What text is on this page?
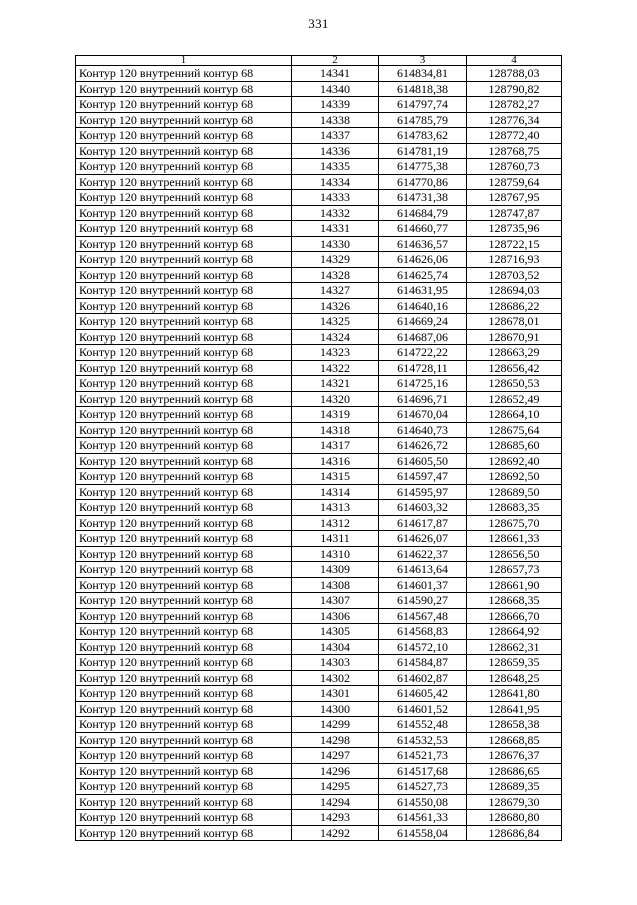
331
1	2	3	4
Контур 120 внутренний контур 68	14341	614834,81	128788,03
Контур 120 внутренний контур 68	14340	614818,38	128790,82
Контур 120 внутренний контур 68	14339	614797,74	128782,27
Контур 120 внутренний контур 68	14338	614785,79	128776,34
Контур 120 внутренний контур 68	14337	614783,62	128772,40
Контур 120 внутренний контур 68	14336	614781,19	128768,75
Контур 120 внутренний контур 68	14335	614775,38	128760,73
Контур 120 внутренний контур 68	14334	614770,86	128759,64
Контур 120 внутренний контур 68	14333	614731,38	128767,95
Контур 120 внутренний контур 68	14332	614684,79	128747,87
Контур 120 внутренний контур 68	14331	614660,77	128735,96
Контур 120 внутренний контур 68	14330	614636,57	128722,15
Контур 120 внутренний контур 68	14329	614626,06	128716,93
Контур 120 внутренний контур 68	14328	614625,74	128703,52
Контур 120 внутренний контур 68	14327	614631,95	128694,03
Контур 120 внутренний контур 68	14326	614640,16	128686,22
Контур 120 внутренний контур 68	14325	614669,24	128678,01
Контур 120 внутренний контур 68	14324	614687,06	128670,91
Контур 120 внутренний контур 68	14323	614722,22	128663,29
Контур 120 внутренний контур 68	14322	614728,11	128656,42
Контур 120 внутренний контур 68	14321	614725,16	128650,53
Контур 120 внутренний контур 68	14320	614696,71	128652,49
Контур 120 внутренний контур 68	14319	614670,04	128664,10
Контур 120 внутренний контур 68	14318	614640,73	128675,64
Контур 120 внутренний контур 68	14317	614626,72	128685,60
Контур 120 внутренний контур 68	14316	614605,50	128692,40
Контур 120 внутренний контур 68	14315	614597,47	128692,50
Контур 120 внутренний контур 68	14314	614595,97	128689,50
Контур 120 внутренний контур 68	14313	614603,32	128683,35
Контур 120 внутренний контур 68	14312	614617,87	128675,70
Контур 120 внутренний контур 68	14311	614626,07	128661,33
Контур 120 внутренний контур 68	14310	614622,37	128656,50
Контур 120 внутренний контур 68	14309	614613,64	128657,73
Контур 120 внутренний контур 68	14308	614601,37	128661,90
Контур 120 внутренний контур 68	14307	614590,27	128668,35
Контур 120 внутренний контур 68	14306	614567,48	128666,70
Контур 120 внутренний контур 68	14305	614568,83	128664,92
Контур 120 внутренний контур 68	14304	614572,10	128662,31
Контур 120 внутренний контур 68	14303	614584,87	128659,35
Контур 120 внутренний контур 68	14302	614602,87	128648,25
Контур 120 внутренний контур 68	14301	614605,42	128641,80
Контур 120 внутренний контур 68	14300	614601,52	128641,95
Контур 120 внутренний контур 68	14299	614552,48	128658,38
Контур 120 внутренний контур 68	14298	614532,53	128668,85
Контур 120 внутренний контур 68	14297	614521,73	128676,37
Контур 120 внутренний контур 68	14296	614517,68	128686,65
Контур 120 внутренний контур 68	14295	614527,73	128689,35
Контур 120 внутренний контур 68	14294	614550,08	128679,30
Контур 120 внутренний контур 68	14293	614561,33	128680,80
Контур 120 внутренний контур 68	14292	614558,04	128686,84
